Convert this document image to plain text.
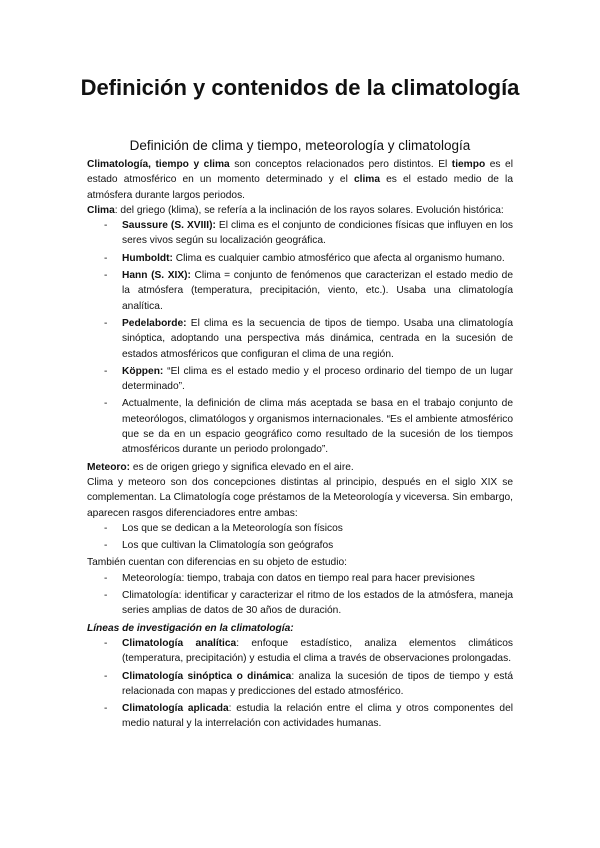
Definición y contenidos de la climatología
Definición de clima y tiempo, meteorología y climatología

Climatología, tiempo y clima son conceptos relacionados pero distintos. El tiempo es el estado atmosférico en un momento determinado y el clima es el estado medio de la atmósfera durante largos periodos.

Clima: del griego (klima), se refería a la inclinación de los rayos solares. Evolución histórica:

- Saussure (S. XVIII): El clima es el conjunto de condiciones físicas que influyen en los seres vivos según su localización geográfica.
- Humboldt: Clima es cualquier cambio atmosférico que afecta al organismo humano.
- Hann (S. XIX): Clima = conjunto de fenómenos que caracterizan el estado medio de la atmósfera (temperatura, precipitación, viento, etc.). Usaba una climatología analítica.
- Pedelaborde: El clima es la secuencia de tipos de tiempo. Usaba una climatología sinóptica, adoptando una perspectiva más dinámica, centrada en la sucesión de estados atmosféricos que configuran el clima de una región.
- Köppen: “El clima es el estado medio y el proceso ordinario del tiempo de un lugar determinado”.
- Actualmente, la definición de clima más aceptada se basa en el trabajo conjunto de meteorólogos, climatólogos y organismos internacionales. “Es el ambiente atmosférico que se da en un espacio geográfico como resultado de la sucesión de los tiempos atmosféricos durante un periodo prolongado”.

Meteoro: es de origen griego y significa elevado en el aire.

Clima y meteoro son dos concepciones distintas al principio, después en el siglo XIX se complementan. La Climatología coge préstamos de la Meteorología y viceversa. Sin embargo, aparecen rasgos diferenciadores entre ambas:

- Los que se dedican a la Meteorología son físicos
- Los que cultivan la Climatología son geógrafos

También cuentan con diferencias en su objeto de estudio:

- Meteorología: tiempo, trabaja con datos en tiempo real para hacer previsiones
- Climatología: identificar y caracterizar el ritmo de los estados de la atmósfera, maneja series amplias de datos de 30 años de duración.

Líneas de investigación en la climatología:

- Climatología analítica: enfoque estadístico, analiza elementos climáticos (temperatura, precipitación) y estudia el clima a través de observaciones prolongadas.
- Climatología sinóptica o dinámica: analiza la sucesión de tipos de tiempo y está relacionada con mapas y predicciones del estado atmosférico.
- Climatología aplicada: estudia la relación entre el clima y otros componentes del medio natural y la interrelación con actividades humanas.
